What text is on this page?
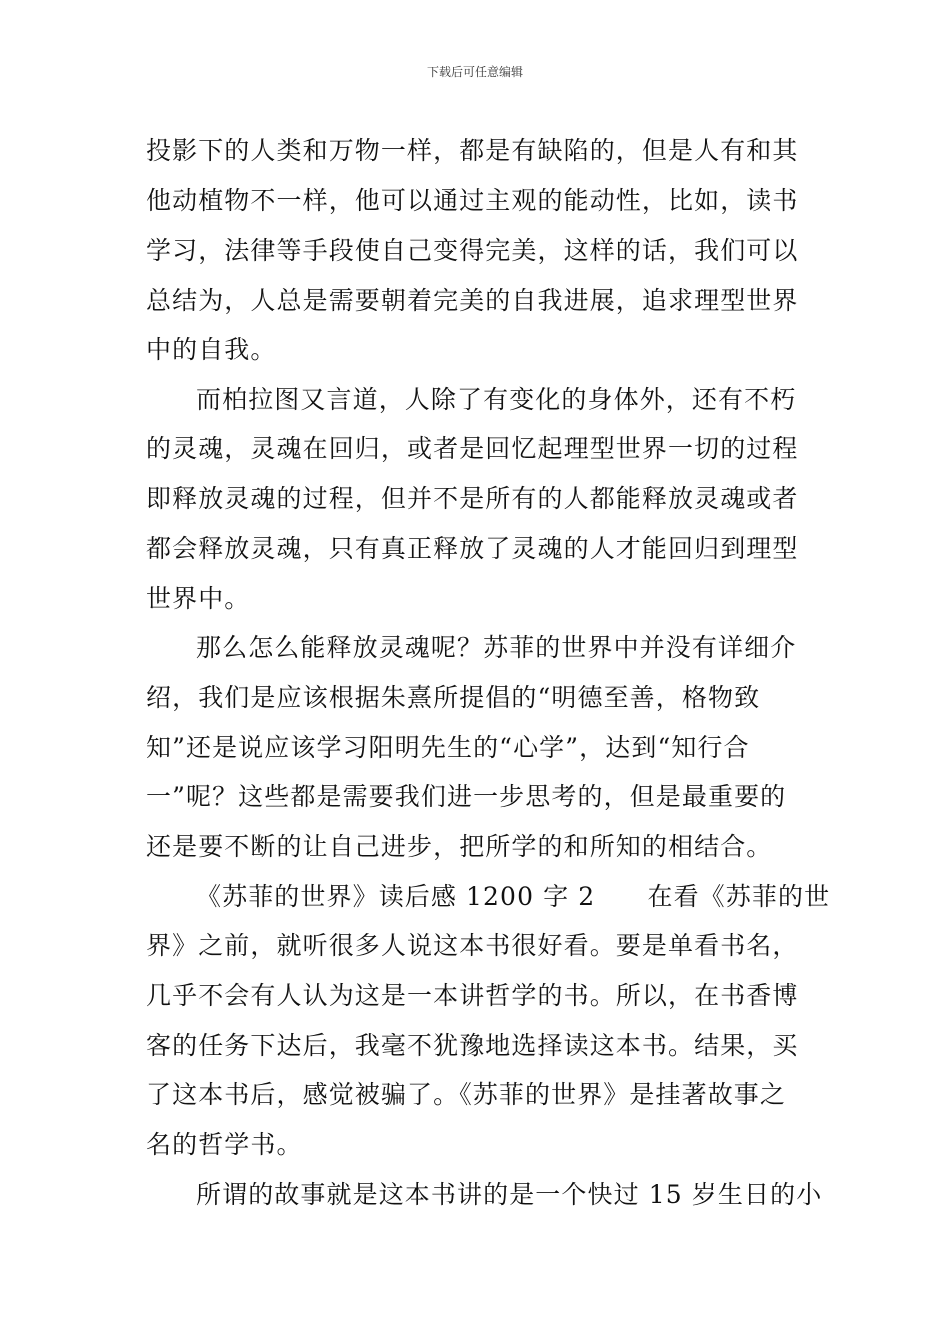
下载后可任意编辑
投影下的人类和万物一样，都是有缺陷的，但是人有和其
他动植物不一样，他可以通过主观的能动性，比如，读书
学习，法律等手段使自己变得完美，这样的话，我们可以
总结为，人总是需要朝着完美的自我进展，追求理型世界
中的自我。
而柏拉图又言道，人除了有变化的身体外，还有不朽
的灵魂，灵魂在回归，或者是回忆起理型世界一切的过程
即释放灵魂的过程，但并不是所有的人都能释放灵魂或者
都会释放灵魂，只有真正释放了灵魂的人才能回归到理型
世界中。
那么怎么能释放灵魂呢？苏菲的世界中并没有详细介
绍，我们是应该根据朱熹所提倡的“明德至善，格物致
知”还是说应该学习阳明先生的“心学”，达到“知行合
一”呢？这些都是需要我们进一步思考的，但是最重要的
还是要不断的让自己进步，把所学的和所知的相结合。
《苏菲的世界》读后感 1200 字 2　　在看《苏菲的世
界》之前，就听很多人说这本书很好看。要是单看书名，
几乎不会有人认为这是一本讲哲学的书。所以，在书香博
客的任务下达后，我毫不犹豫地选择读这本书。结果，买
了这本书后，感觉被骗了。《苏菲的世界》是挂著故事之
名的哲学书。
所谓的故事就是这本书讲的是一个快过 15 岁生日的小
